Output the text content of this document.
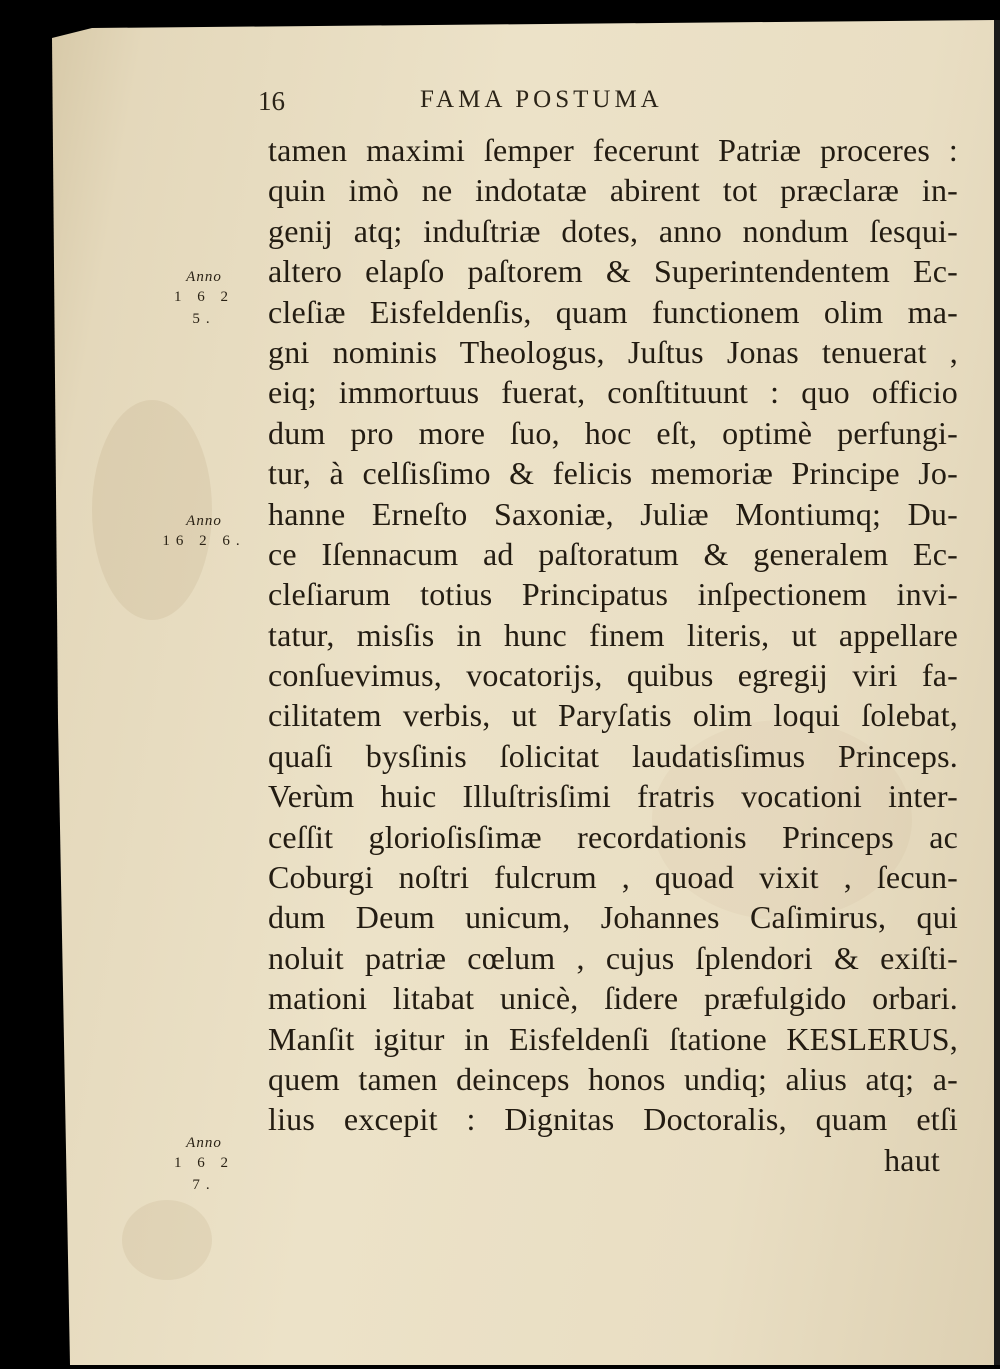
16	FAMA POSTUMA
Anno
1 6 2 5.
Anno
16 2 6.
Anno
1 6 2 7.
tamen maximi ſemper fecerunt Patriæ proceres :
quin imò ne indotatæ abirent tot præclaræ in-
genij atq; induſtriæ dotes, anno nondum ſesqui-
altero elapſo paſtorem & Superintendentem Ec-
cleſiæ Eisfeldenſis, quam functionem olim ma-
gni nominis Theologus, Juſtus Jonas tenuerat ,
eiq; immortuus fuerat, conſtituunt : quo officio
dum pro more ſuo, hoc eſt, optimè perfungi-
tur, à celſisſimo & felicis memoriæ Principe Jo-
hanne Erneſto Saxoniæ, Juliæ Montiumq; Du-
ce Iſennacum ad paſtoratum & generalem Ec-
cleſiarum totius Principatus inſpectionem invi-
tatur, misſis in hunc finem literis, ut appellare
conſuevimus, vocatorijs, quibus egregij viri fa-
cilitatem verbis, ut Paryſatis olim loqui ſolebat,
quaſi bysſinis ſolicitat laudatisſimus Princeps.
Verùm huic Illuſtrisſimi fratris vocationi inter-
ceſſit glorioſisſimæ recordationis Princeps ac
Coburgi noſtri fulcrum , quoad vixit , ſecun-
dum Deum unicum, Johannes Caſimirus, qui
noluit patriæ cœlum , cujus ſplendori & exiſti-
mationi litabat unicè, ſidere præfulgido orbari.
Manſit igitur in Eisfeldenſi ſtatione KESLERUS,
quem tamen deinceps honos undiq; alius atq; a-
lius excepit : Dignitas Doctoralis, quam etſi
haut
